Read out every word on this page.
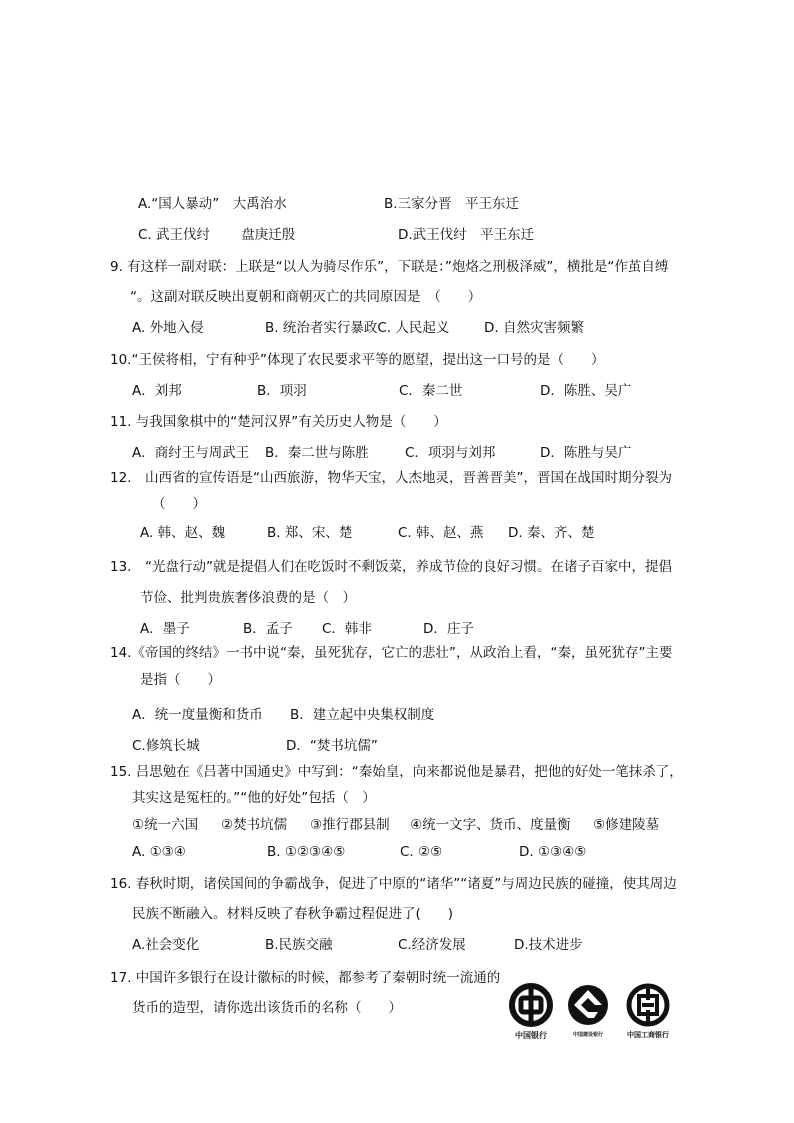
A.“国人暴动”　大禹治水	B.三家分晋　平王东迁
C. 武王伐纣　　 盘庚迁殷	D.武王伐纣　平王东迁
9. 有这样一副对联：上联是“以人为骑尽作乐”，下联是：”炮烙之刑极泽威”，横批是“作茧自缚
“。这副对联反映出夏朝和商朝灭亡的共同原因是　（　　）
A. 外地入侵	B. 统治者实行暴政C. 人民起义	D. 自然灾害频繁
10.“王侯将相，宁有种乎”体现了农民要求平等的愿望，提出这一口号的是（　　）
A．刘邦	B．项羽	C．秦二世	D．陈胜、吴广
11. 与我国象棋中的“楚河汉界”有关历史人物是（　　）
A．商纣王与周武王 B．秦二世与陈胜	C．项羽与刘邦	D．陈胜与吴广
12.　山西省的宣传语是“山西旅游，物华天宝，人杰地灵，晋善晋美”，晋国在战国时期分裂为
（　　）
A. 韩、赵、魏	B. 郑、宋、楚	C. 韩、赵、燕 D. 秦、齐、楚
13.　“光盘行动”就是提倡人们在吃饭时不剩饭菜，养成节俭的良好习惯。在诸子百家中，提倡
节俭、批判贵族奢侈浪费的是（　）
A．墨子	B．孟子 C．韩非	D．庄子
14.《帝国的终结》一书中说“秦，虽死犹存，它亡的悲壮”，从政治上看，“秦，虽死犹存”主要
是指（　　）
A．统一度量衡和货币 B．建立起中央集权制度
C.修筑长城	D．“焚书坑儒”
15. 吕思勉在《吕著中国通史》中写到：“秦始皇，向来都说他是暴君，把他的好处一笔抹杀了，
其实这是冤枉的。”“他的好处”包括（　）
①统一六国 ②焚书坑儒 ③推行郡县制 ④统一文字、货币、度量衡 ⑤修建陵墓
A. ①③④	B. ①②③④⑤	C. ②⑤	D. ①③④⑤
16. 春秋时期，诸侯国间的争霸战争，促进了中原的“诸华”“诸夏”与周边民族的碰撞，使其周边
民族不断融入。材料反映了春秋争霸过程促进了(　　)
A.社会变化	B.民族交融	C.经济发展	D.技术进步
17. 中国许多银行在设计徽标的时候，都参考了秦朝时统一流通的
货币的造型，请你选出该货币的名称（　　）
中国银行	中国建设银行	中国工商银行
